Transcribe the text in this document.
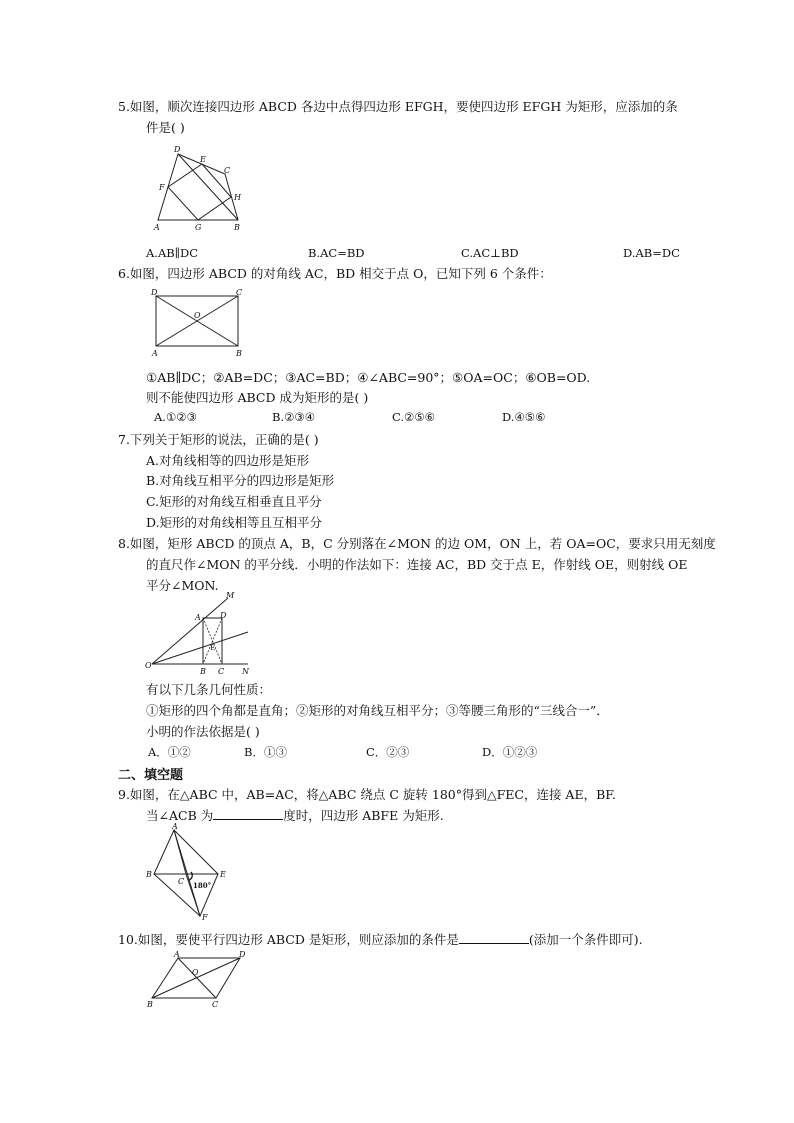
5.如图，顺次连接四边形 ABCD 各边中点得四边形 EFGH，要使四边形 EFGH 为矩形，应添加的条
件是( )
D
E
C
F
H
A	G	B
A.AB∥DC	B.AC=BD	C.AC⊥BD	D.AB=DC
6.如图，四边形 ABCD 的对角线 AC，BD 相交于点 O，已知下列 6 个条件：
D	C
O
A	B
①AB∥DC；②AB=DC；③AC=BD；④∠ABC=90°；⑤OA=OC；⑥OB=OD.
则不能使四边形 ABCD 成为矩形的是( )
A.①②③	B.②③④	C.②⑤⑥	D.④⑤⑥
7.下列关于矩形的说法，正确的是( )
A.对角线相等的四边形是矩形
B.对角线互相平分的四边形是矩形
C.矩形的对角线互相垂直且平分
D.矩形的对角线相等且互相平分
8.如图，矩形 ABCD 的顶点 A，B，C 分别落在∠MON 的边 OM，ON 上，若 OA=OC，要求只用无刻度
的直尺作∠MON 的平分线．小明的作法如下：连接 AC，BD 交于点 E，作射线 OE，则射线 OE
平分∠MON.
M
A D
E
O
B C N
有以下几条几何性质：
①矩形的四个角都是直角；②矩形的对角线互相平分；③等腰三角形的“三线合一”．
小明的作法依据是( )
A．①②	B．①③	C．②③	D．①②③
二、填空题
9.如图，在△ABC 中，AB=AC，将△ABC 绕点 C 旋转 180°得到△FEC，连接 AE，BF.
当∠ACB 为	度时，四边形 ABFE 为矩形.
A
B
C
E
F
180°
10.如图，要使平行四边形 ABCD 是矩形，则应添加的条件是	(添加一个条件即可).
A	D
O
B	C
